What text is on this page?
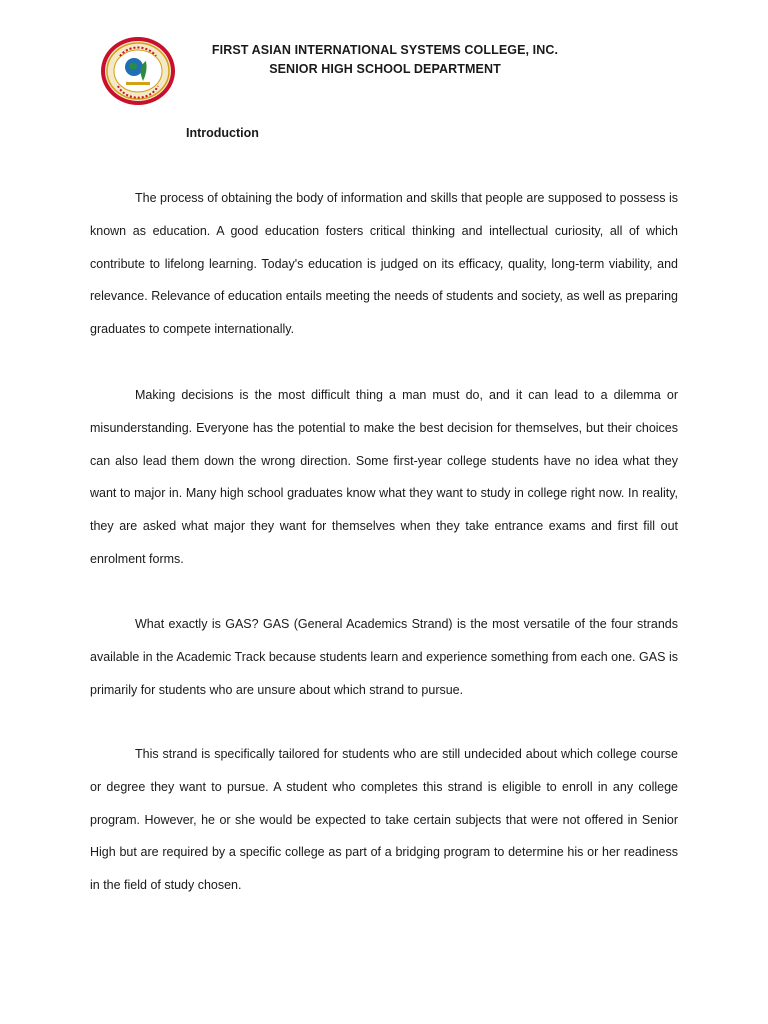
FIRST ASIAN INTERNATIONAL SYSTEMS COLLEGE, INC.
SENIOR HIGH SCHOOL DEPARTMENT
Introduction

The process of obtaining the body of information and skills that people are supposed to possess is known as education. A good education fosters critical thinking and intellectual curiosity, all of which contribute to lifelong learning. Today's education is judged on its efficacy, quality, long-term viability, and relevance. Relevance of education entails meeting the needs of students and society, as well as preparing graduates to compete internationally.

Making decisions is the most difficult thing a man must do, and it can lead to a dilemma or misunderstanding. Everyone has the potential to make the best decision for themselves, but their choices can also lead them down the wrong direction. Some first-year college students have no idea what they want to major in. Many high school graduates know what they want to study in college right now. In reality, they are asked what major they want for themselves when they take entrance exams and first fill out enrolment forms.

What exactly is GAS? GAS (General Academics Strand) is the most versatile of the four strands available in the Academic Track because students learn and experience something from each one. GAS is primarily for students who are unsure about which strand to pursue.

This strand is specifically tailored for students who are still undecided about which college course or degree they want to pursue. A student who completes this strand is eligible to enroll in any college program. However, he or she would be expected to take certain subjects that were not offered in Senior High but are required by a specific college as part of a bridging program to determine his or her readiness in the field of study chosen.
